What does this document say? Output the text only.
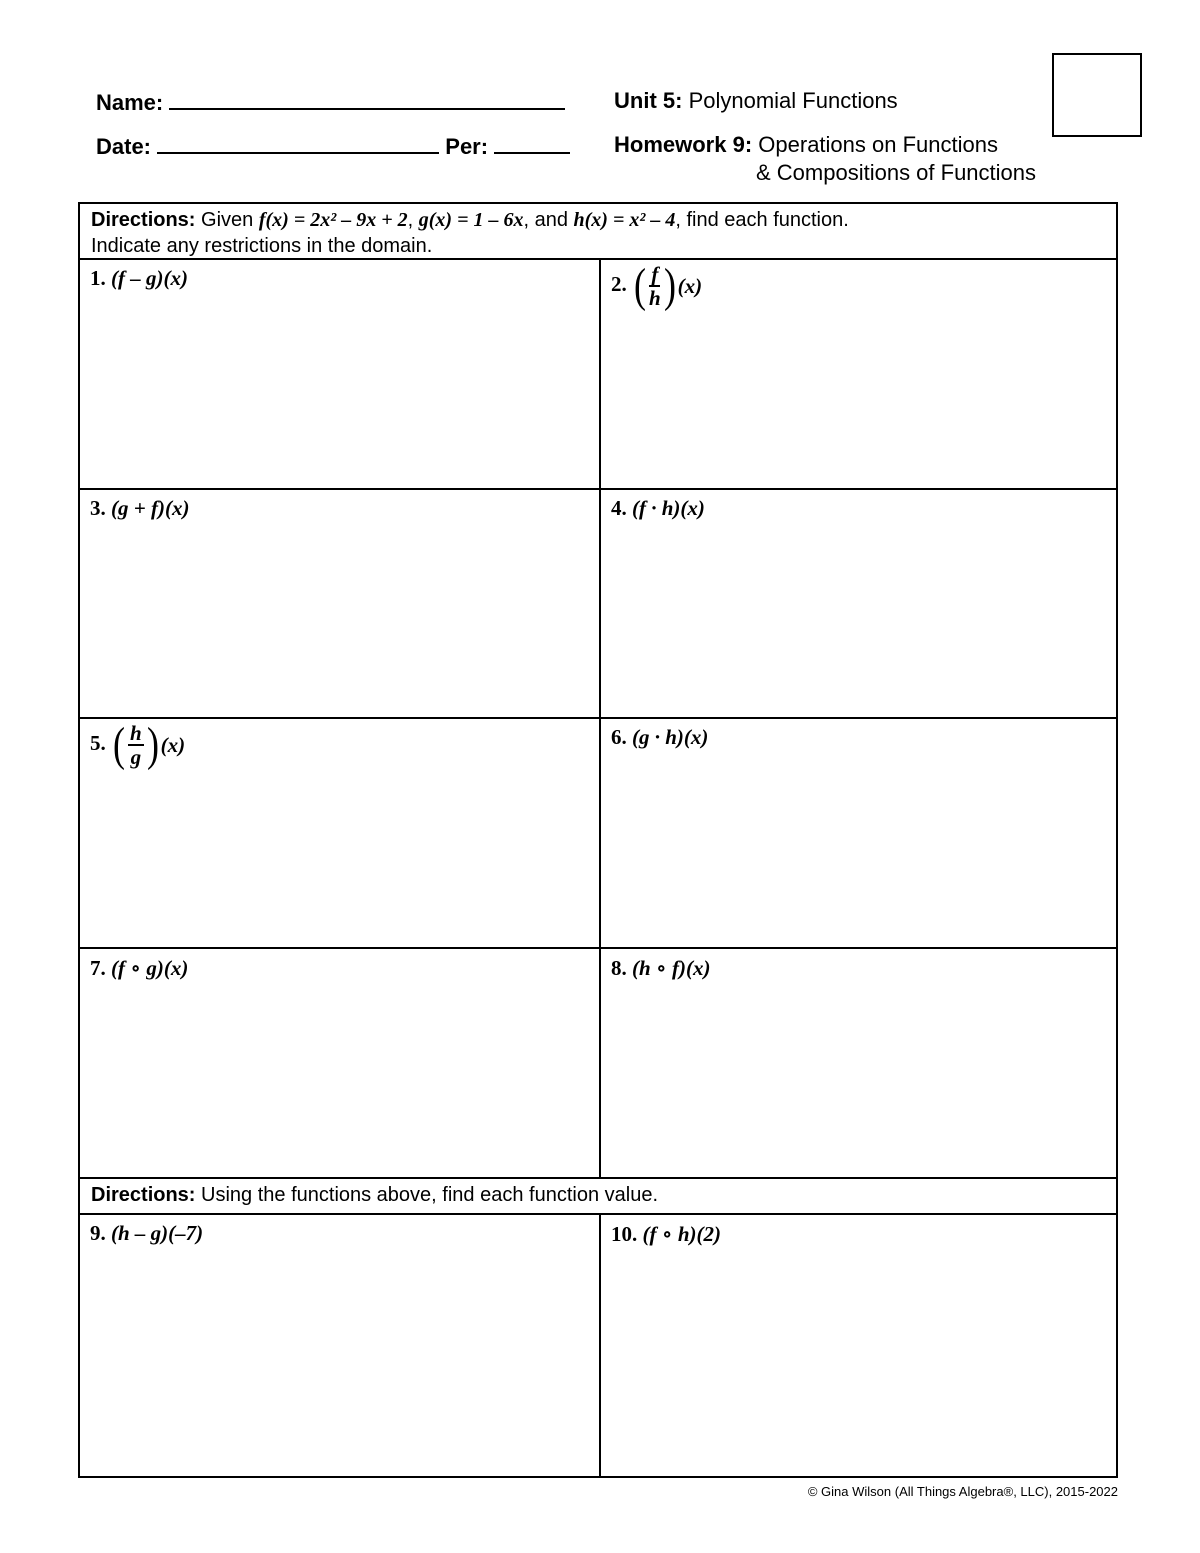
Name:
Date:	Per:
Unit 5: Polynomial Functions
Homework 9: Operations on Functions
& Compositions of Functions
Directions: Given f(x) = 2x² – 9x + 2, g(x) = 1 – 6x, and h(x) = x² – 4, find each function.
Indicate any restrictions in the domain.
1. (f – g)(x)	2. ( $\frac{f}{h}$ ) (x)
3. (g + f)(x)	4. (f · h)(x)
5. ( $\frac{h}{g}$ ) (x)	6. (g · h)(x)
7. (f ∘ g)(x)	8. (h ∘ f)(x)
Directions: Using the functions above, find each function value.
9. (h – g)(–7)	10. (f ∘ h)(2)
© Gina Wilson (All Things Algebra®, LLC), 2015-2022
